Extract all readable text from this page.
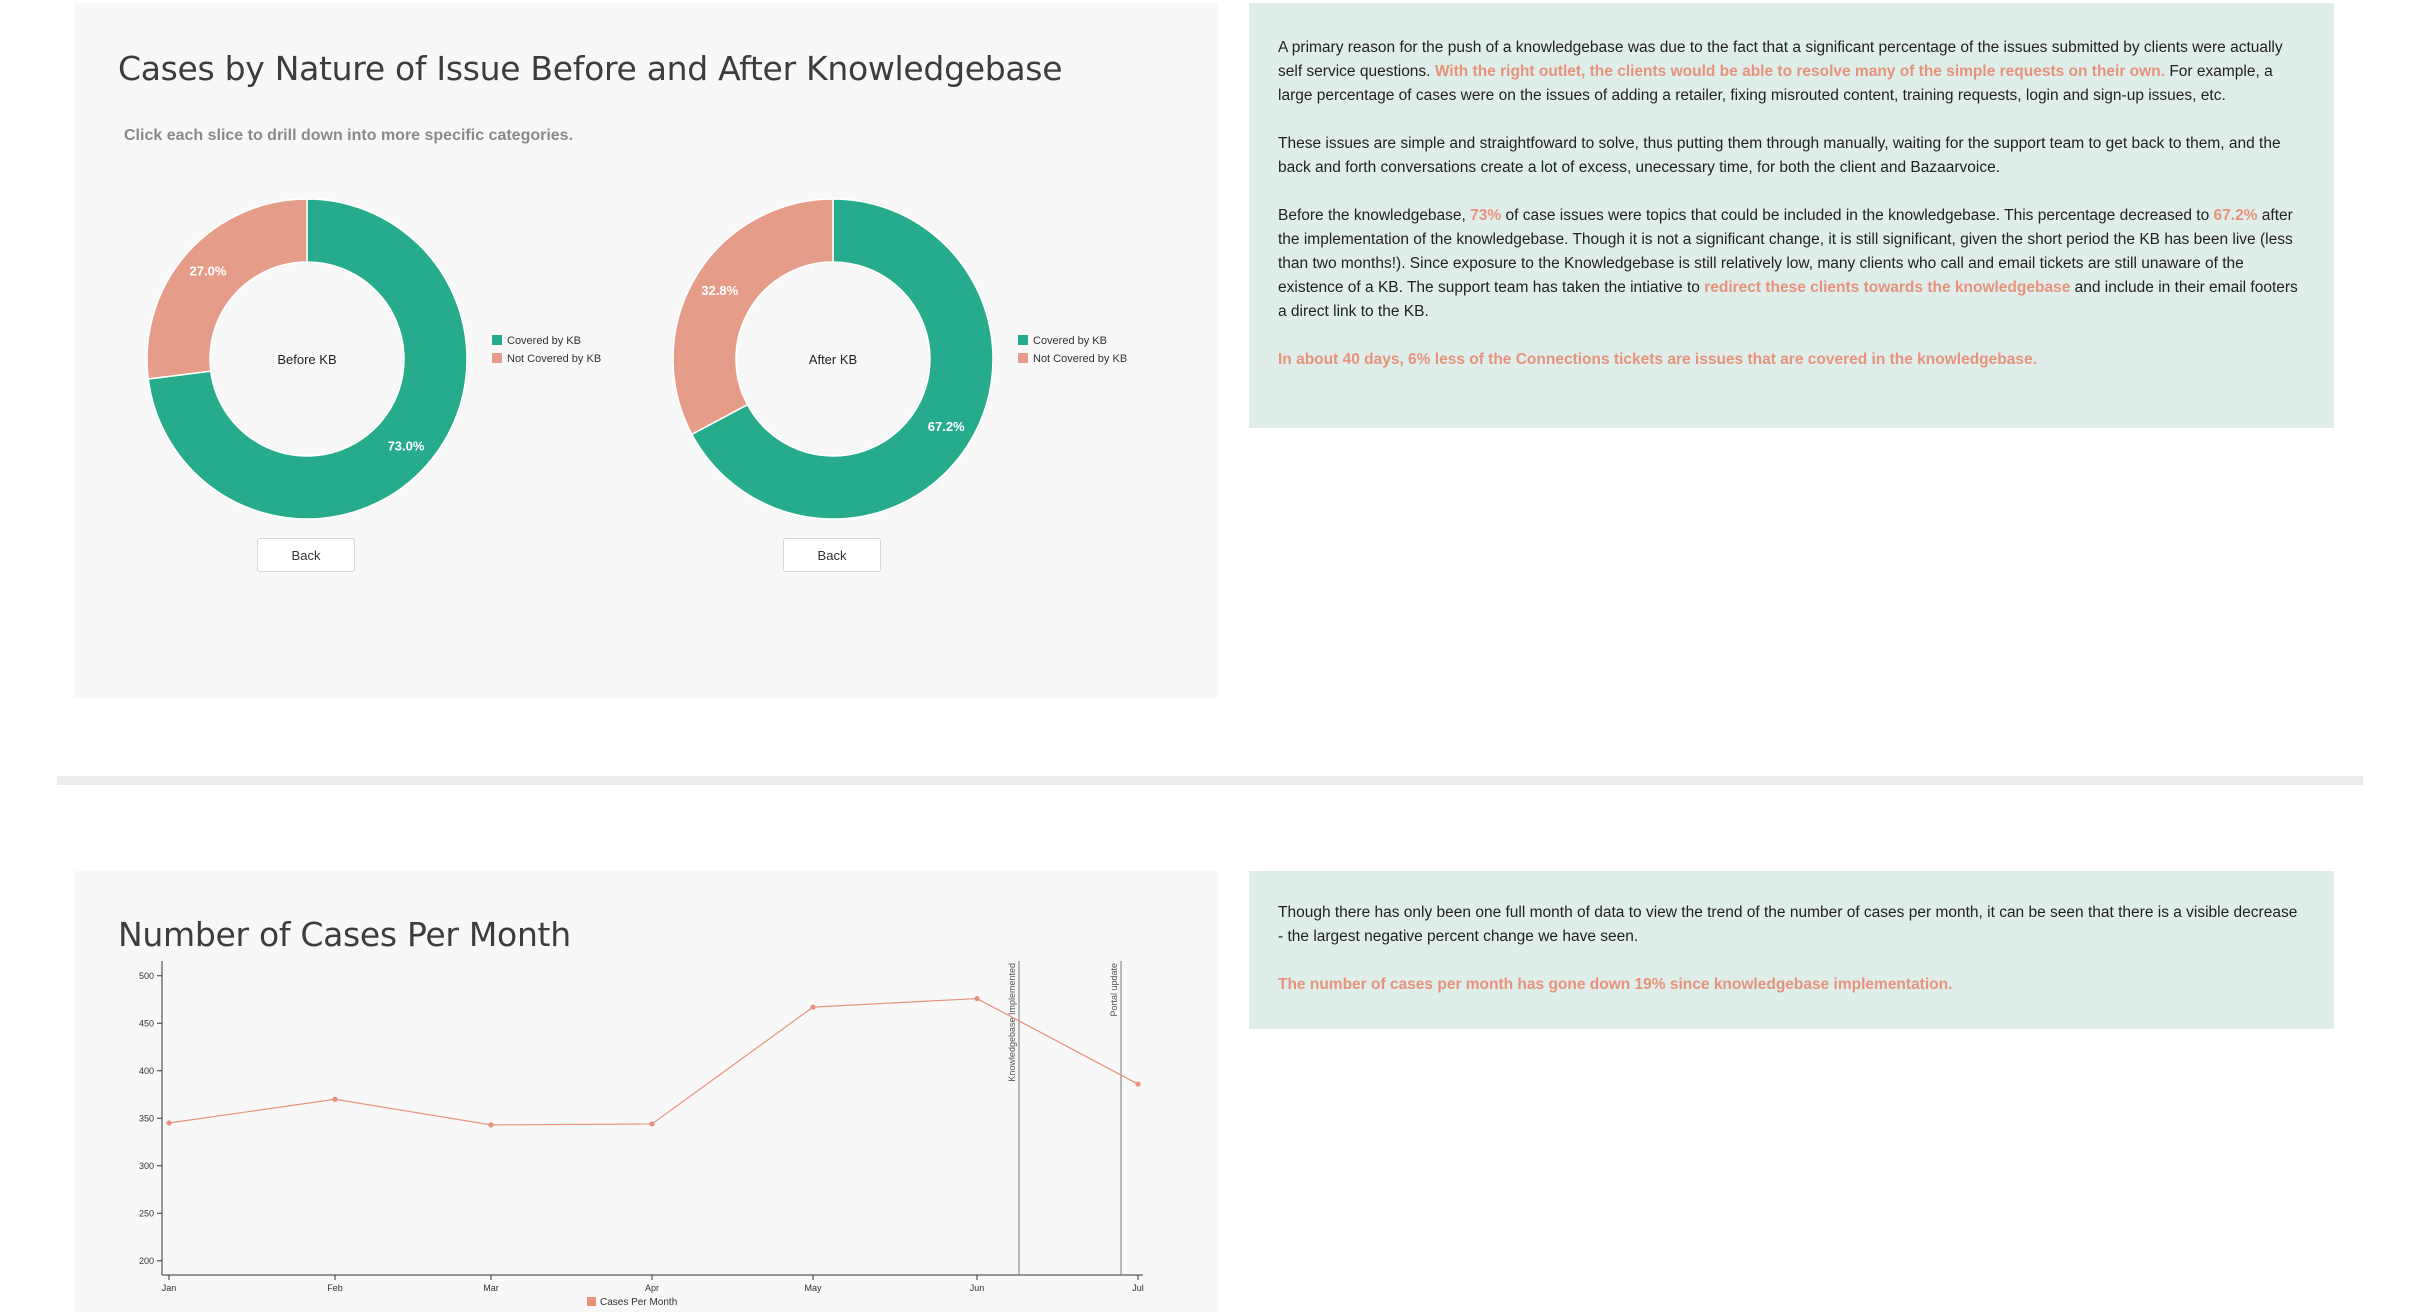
Cases by Nature of Issue Before and After Knowledgebase
Click each slice to drill down into more specific categories.
73.0%
27.0%
Before KB
Covered by KB
Not Covered by KB
Back
67.2%
32.8%
After KB
Covered by KB
Not Covered by KB
Back

A primary reason for the push of a knowledgebase was due to the fact that a significant percentage of the issues submitted by clients were actually self service questions. With the right outlet, the clients would be able to resolve many of the simple requests on their own. For example, a large percentage of cases were on the issues of adding a retailer, fixing misrouted content, training requests, login and sign-up issues, etc.

These issues are simple and straightfoward to solve, thus putting them through manually, waiting for the support team to get back to them, and the back and forth conversations create a lot of excess, unecessary time, for both the client and Bazaarvoice.

Before the knowledgebase, 73% of case issues were topics that could be included in the knowledgebase. This percentage decreased to 67.2% after the implementation of the knowledgebase. Though it is not a significant change, it is still significant, given the short period the KB has been live (less than two months!). Since exposure to the Knowledgebase is still relatively low, many clients who call and email tickets are still unaware of the existence of a KB. The support team has taken the intiative to redirect these clients towards the knowledgebase and include in their email footers a direct link to the KB.

In about 40 days, 6% less of the Connections tickets are issues that are covered in the knowledgebase.

Number of Cases Per Month
200
250
300
350
400
450
500
Jan	Feb	Mar	Apr	May	Jun	Jul
Knowledgebase Implemented	Portal update
Cases Per Month

Though there has only been one full month of data to view the trend of the number of cases per month, it can be seen that there is a visible decrease - the largest negative percent change we have seen.

The number of cases per month has gone down 19% since knowledgebase implementation.
